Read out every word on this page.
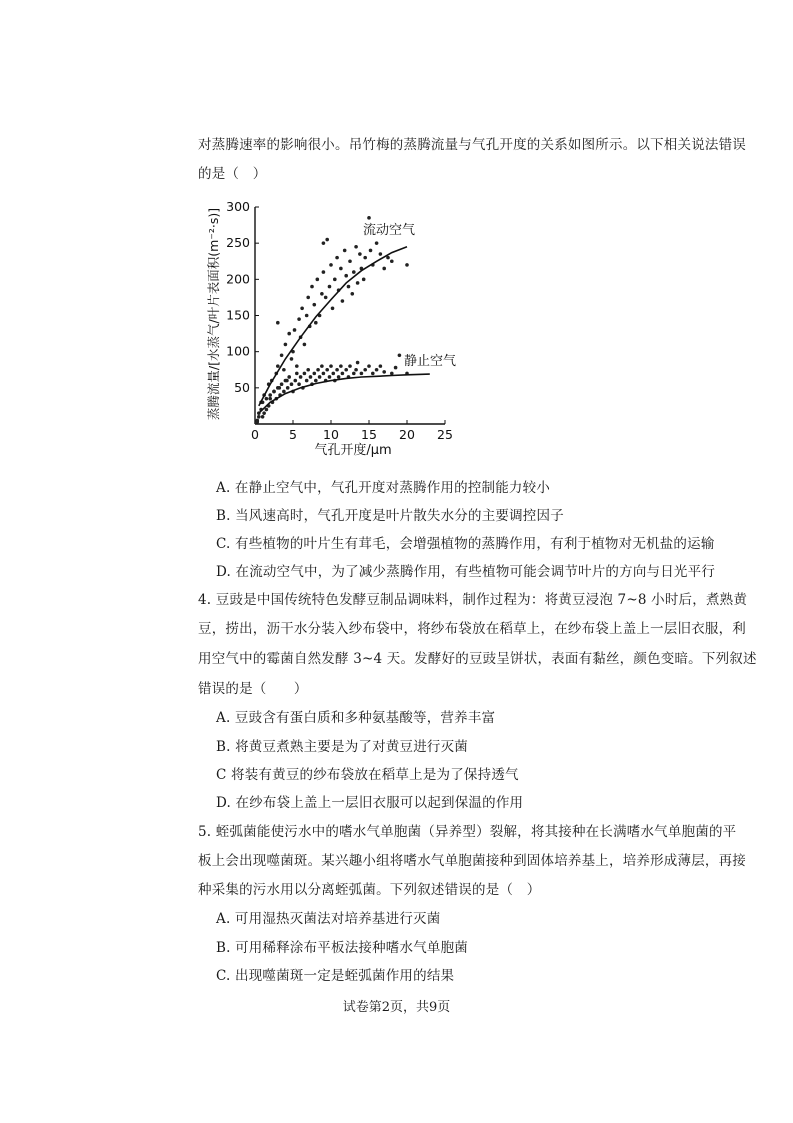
对蒸腾速率的影响很小。吊竹梅的蒸腾流量与气孔开度的关系如图所示。以下相关说法错误
的是（　）
0 5 10 15 20 25
50
100
150
200
250
300
蒸腾流量/[水蒸气/叶片表面积(m⁻²·s)]
气孔开度/μm
流动空气
静止空气
A. 在静止空气中，气孔开度对蒸腾作用的控制能力较小
B. 当风速高时，气孔开度是叶片散失水分的主要调控因子
C. 有些植物的叶片生有茸毛，会增强植物的蒸腾作用，有利于植物对无机盐的运输
D. 在流动空气中，为了减少蒸腾作用，有些植物可能会调节叶片的方向与日光平行
4. 豆豉是中国传统特色发酵豆制品调味料，制作过程为：将黄豆浸泡 7~8 小时后，煮熟黄
豆，捞出，沥干水分装入纱布袋中，将纱布袋放在稻草上，在纱布袋上盖上一层旧衣服，利
用空气中的霉菌自然发酵 3~4 天。发酵好的豆豉呈饼状，表面有黏丝，颜色变暗。下列叙述
错误的是（　　）
A. 豆豉含有蛋白质和多种氨基酸等，营养丰富
B. 将黄豆煮熟主要是为了对黄豆进行灭菌
C 将装有黄豆的纱布袋放在稻草上是为了保持透气
D. 在纱布袋上盖上一层旧衣服可以起到保温的作用
5. 蛭弧菌能使污水中的嗜水气单胞菌（异养型）裂解，将其接种在长满嗜水气单胞菌的平
板上会出现噬菌斑。某兴趣小组将嗜水气单胞菌接种到固体培养基上，培养形成薄层，再接
种采集的污水用以分离蛭弧菌。下列叙述错误的是（　）
A. 可用湿热灭菌法对培养基进行灭菌
B. 可用稀释涂布平板法接种嗜水气单胞菌
C. 出现噬菌斑一定是蛭弧菌作用的结果
试卷第2页，共9页
